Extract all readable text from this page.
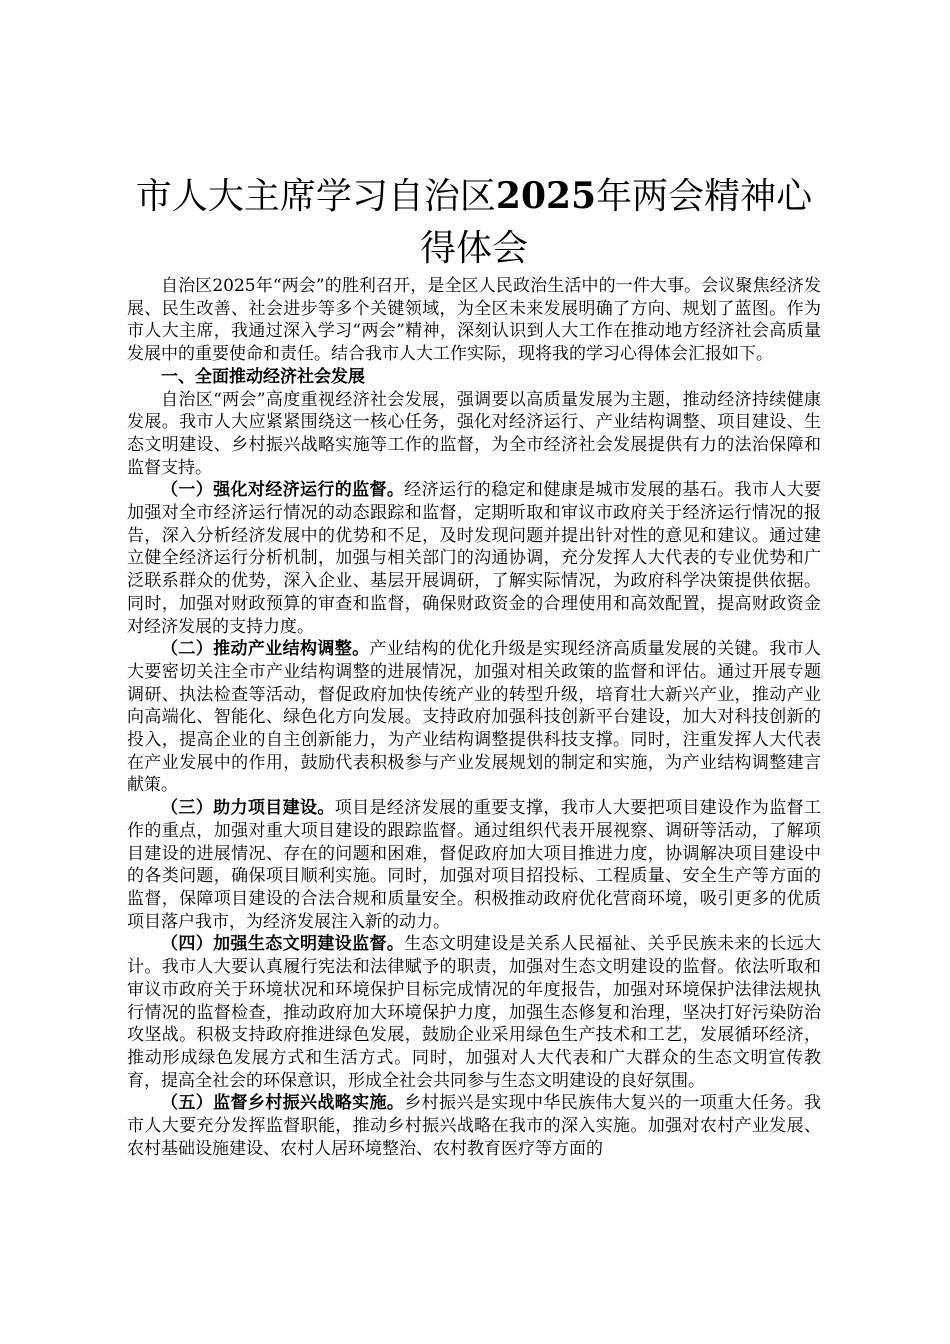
市人大主席学习自治区2025年两会精神心得体会

自治区2025年“两会”的胜利召开，是全区人民政治生活中的一件大事。会议聚焦经济发展、民生改善、社会进步等多个关键领域，为全区未来发展明确了方向、规划了蓝图。作为市人大主席，我通过深入学习“两会”精神，深刻认识到人大工作在推动地方经济社会高质量发展中的重要使命和责任。结合我市人大工作实际，现将我的学习心得体会汇报如下。

一、全面推动经济社会发展

自治区“两会”高度重视经济社会发展，强调要以高质量发展为主题，推动经济持续健康发展。我市人大应紧紧围绕这一核心任务，强化对经济运行、产业结构调整、项目建设、生态文明建设、乡村振兴战略实施等工作的监督，为全市经济社会发展提供有力的法治保障和监督支持。

（一）强化对经济运行的监督。经济运行的稳定和健康是城市发展的基石。我市人大要加强对全市经济运行情况的动态跟踪和监督，定期听取和审议市政府关于经济运行情况的报告，深入分析经济发展中的优势和不足，及时发现问题并提出针对性的意见和建议。通过建立健全经济运行分析机制，加强与相关部门的沟通协调，充分发挥人大代表的专业优势和广泛联系群众的优势，深入企业、基层开展调研，了解实际情况，为政府科学决策提供依据。同时，加强对财政预算的审查和监督，确保财政资金的合理使用和高效配置，提高财政资金对经济发展的支持力度。

（二）推动产业结构调整。产业结构的优化升级是实现经济高质量发展的关键。我市人大要密切关注全市产业结构调整的进展情况，加强对相关政策的监督和评估。通过开展专题调研、执法检查等活动，督促政府加快传统产业的转型升级，培育壮大新兴产业，推动产业向高端化、智能化、绿色化方向发展。支持政府加强科技创新平台建设，加大对科技创新的投入，提高企业的自主创新能力，为产业结构调整提供科技支撑。同时，注重发挥人大代表在产业发展中的作用，鼓励代表积极参与产业发展规划的制定和实施，为产业结构调整建言献策。

（三）助力项目建设。项目是经济发展的重要支撑，我市人大要把项目建设作为监督工作的重点，加强对重大项目建设的跟踪监督。通过组织代表开展视察、调研等活动，了解项目建设的进展情况、存在的问题和困难，督促政府加大项目推进力度，协调解决项目建设中的各类问题，确保项目顺利实施。同时，加强对项目招投标、工程质量、安全生产等方面的监督，保障项目建设的合法合规和质量安全。积极推动政府优化营商环境，吸引更多的优质项目落户我市，为经济发展注入新的动力。

（四）加强生态文明建设监督。生态文明建设是关系人民福祉、关乎民族未来的长远大计。我市人大要认真履行宪法和法律赋予的职责，加强对生态文明建设的监督。依法听取和审议市政府关于环境状况和环境保护目标完成情况的年度报告，加强对环境保护法律法规执行情况的监督检查，推动政府加大环境保护力度，加强生态修复和治理，坚决打好污染防治攻坚战。积极支持政府推进绿色发展，鼓励企业采用绿色生产技术和工艺，发展循环经济，推动形成绿色发展方式和生活方式。同时，加强对人大代表和广大群众的生态文明宣传教育，提高全社会的环保意识，形成全社会共同参与生态文明建设的良好氛围。

（五）监督乡村振兴战略实施。乡村振兴是实现中华民族伟大复兴的一项重大任务。我市人大要充分发挥监督职能，推动乡村振兴战略在我市的深入实施。加强对农村产业发展、农村基础设施建设、农村人居环境整治、农村教育医疗等方面的
